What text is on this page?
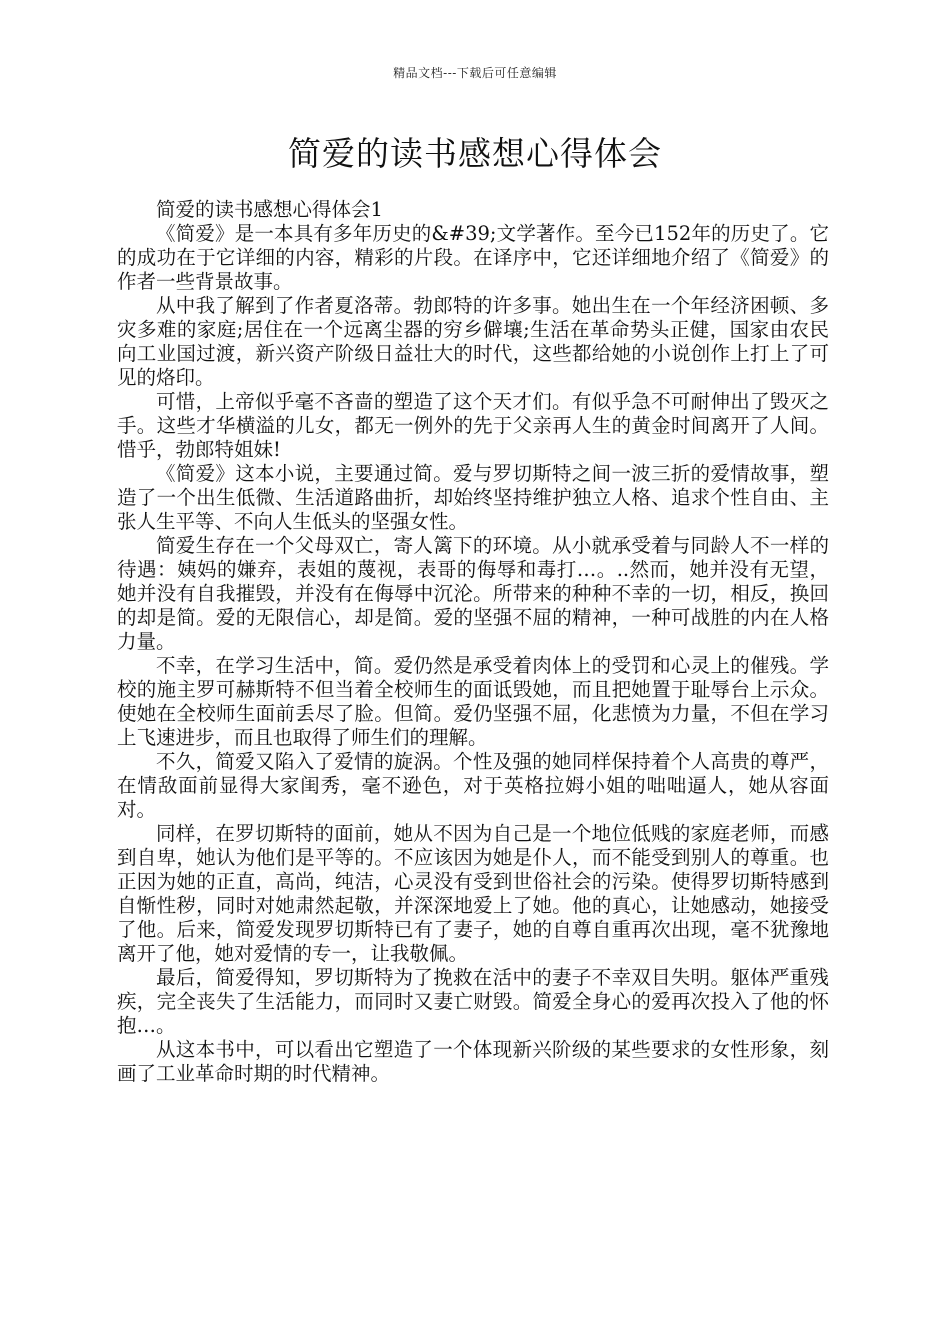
精品文档---下载后可任意编辑
简爱的读书感想心得体会

简爱的读书感想心得体会1

《简爱》是一本具有多年历史的&#39;文学著作。至今已152年的历史了。它的成功在于它详细的内容，精彩的片段。在译序中，它还详细地介绍了《简爱》的作者一些背景故事。

从中我了解到了作者夏洛蒂。勃郎特的许多事。她出生在一个年经济困顿、多灾多难的家庭;居住在一个远离尘器的穷乡僻壤;生活在革命势头正健，国家由农民向工业国过渡，新兴资产阶级日益壮大的时代，这些都给她的小说创作上打上了可见的烙印。

可惜，上帝似乎毫不吝啬的塑造了这个天才们。有似乎急不可耐伸出了毁灭之手。这些才华横溢的儿女，都无一例外的先于父亲再人生的黄金时间离开了人间。惜乎，勃郎特姐妹!

《简爱》这本小说，主要通过简。爱与罗切斯特之间一波三折的爱情故事，塑造了一个出生低微、生活道路曲折，却始终坚持维护独立人格、追求个性自由、主张人生平等、不向人生低头的坚强女性。

简爱生存在一个父母双亡，寄人篱下的环境。从小就承受着与同龄人不一样的待遇：姨妈的嫌弃，表姐的蔑视，表哥的侮辱和毒打…。..然而，她并没有无望，她并没有自我摧毁，并没有在侮辱中沉沦。所带来的种种不幸的一切，相反，换回的却是简。爱的无限信心，却是简。爱的坚强不屈的精神，一种可战胜的内在人格力量。

不幸，在学习生活中，简。爱仍然是承受着肉体上的受罚和心灵上的催残。学校的施主罗可赫斯特不但当着全校师生的面诋毁她，而且把她置于耻辱台上示众。使她在全校师生面前丢尽了脸。但简。爱仍坚强不屈，化悲愤为力量，不但在学习上飞速进步，而且也取得了师生们的理解。

不久，简爱又陷入了爱情的旋涡。个性及强的她同样保持着个人高贵的尊严，在情敌面前显得大家闺秀，毫不逊色，对于英格拉姆小姐的咄咄逼人，她从容面对。

同样，在罗切斯特的面前，她从不因为自己是一个地位低贱的家庭老师，而感到自卑，她认为他们是平等的。不应该因为她是仆人，而不能受到别人的尊重。也正因为她的正直，高尚，纯洁，心灵没有受到世俗社会的污染。使得罗切斯特感到自惭性秽，同时对她肃然起敬，并深深地爱上了她。他的真心，让她感动，她接受了他。后来，简爱发现罗切斯特已有了妻子，她的自尊自重再次出现，毫不犹豫地离开了他，她对爱情的专一，让我敬佩。

最后，简爱得知，罗切斯特为了挽救在活中的妻子不幸双目失明。躯体严重残疾，完全丧失了生活能力，而同时又妻亡财毁。简爱全身心的爱再次投入了他的怀抱…。

从这本书中，可以看出它塑造了一个体现新兴阶级的某些要求的女性形象，刻画了工业革命时期的时代精神。
